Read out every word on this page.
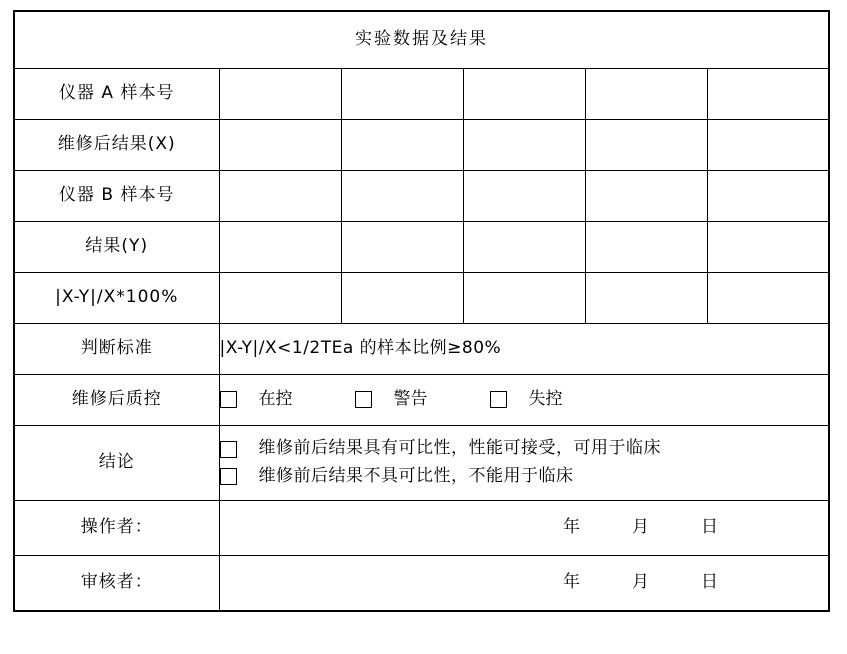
实验数据及结果					
仪器 A 样本号					
维修后结果(X)					
仪器 B 样本号					
结果(Y)					
|X-Y|/X*100%					
判断标准	|X-Y|/X<1/2TEa 的样本比例≥80%				
维修后质控	在控 警告 失控				

结论	维修前后结果具有可比性，性能可接受，可用于临床
维修前后结果不具可比性，不能用于临床				

操作者：	年 月 日				

审核者：	年 月 日				
